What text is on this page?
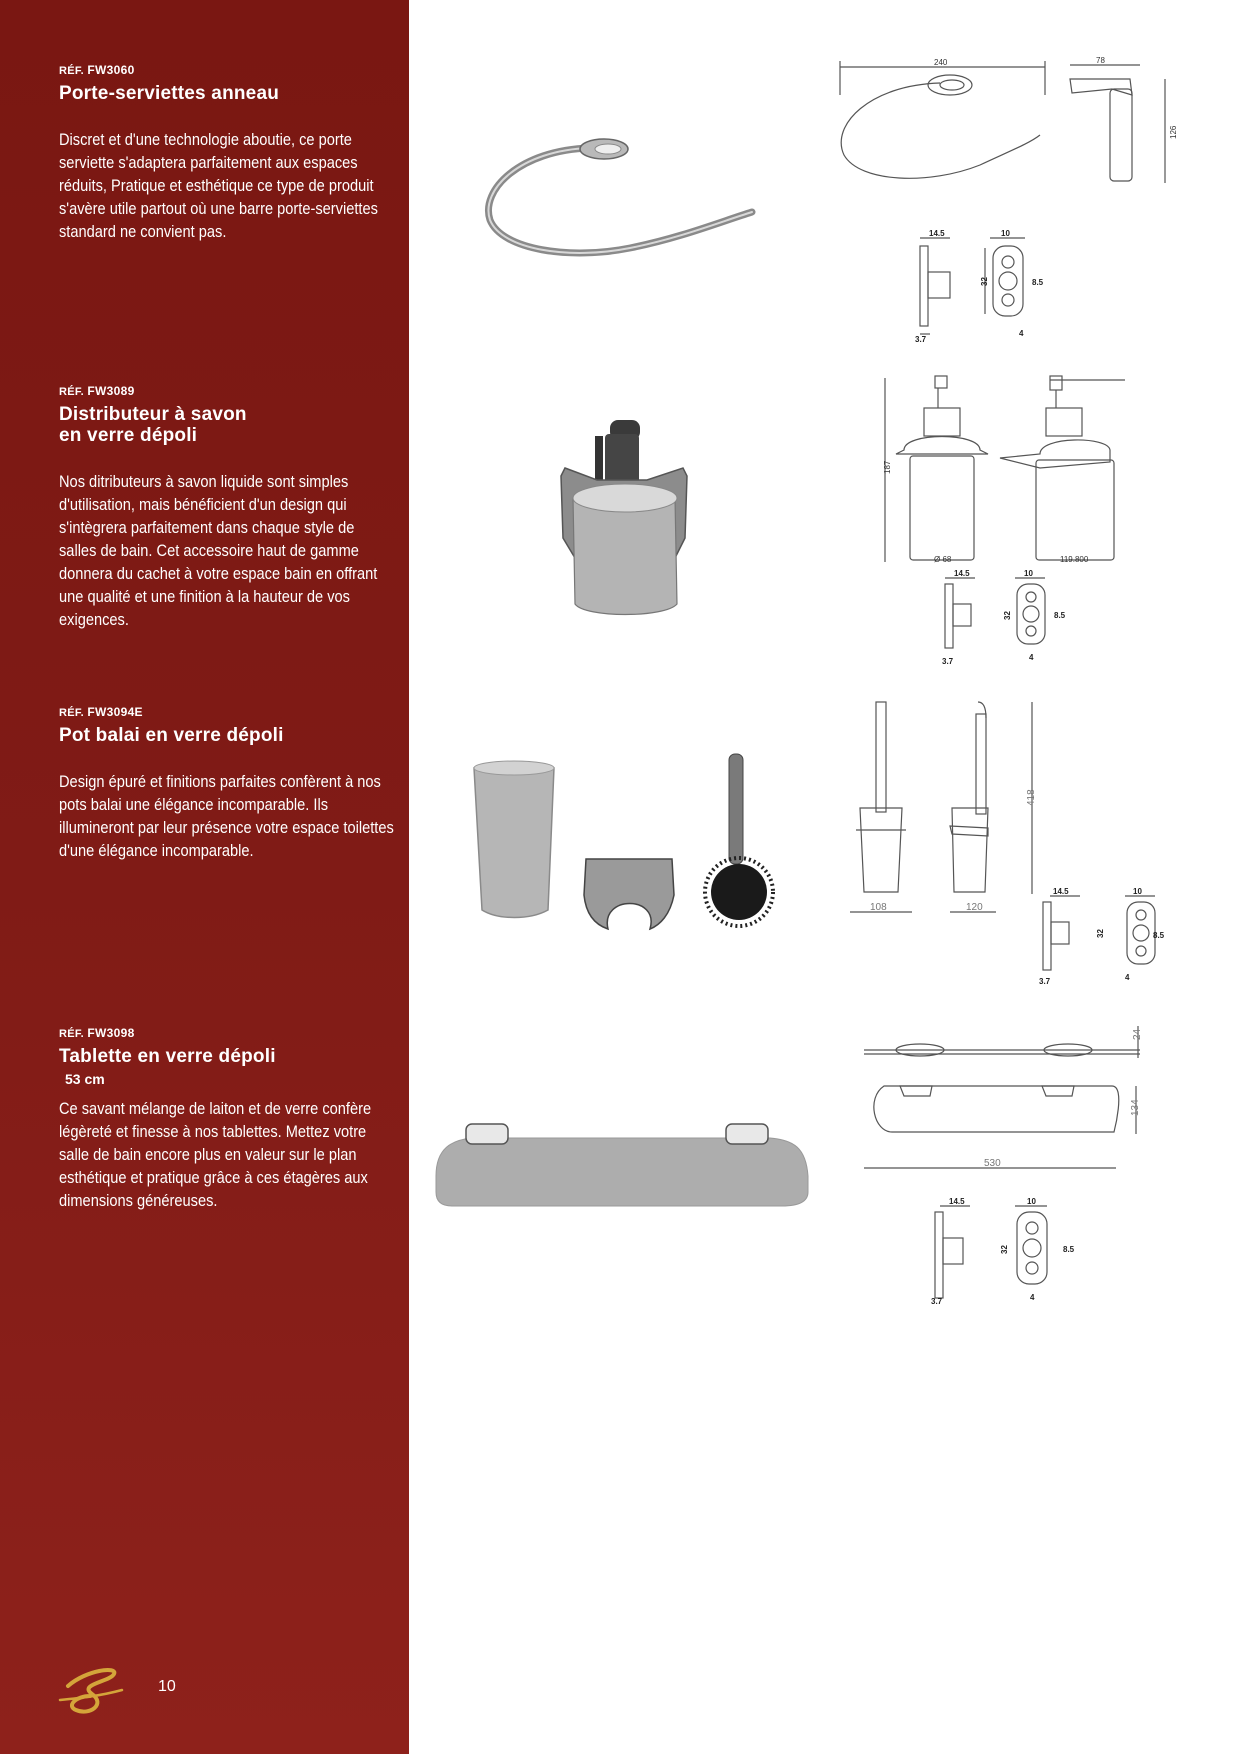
RÉF. FW3060
Porte-serviettes anneau
Discret et d'une technologie aboutie, ce porte serviette s'adaptera parfaitement aux espaces réduits, Pratique et esthétique ce type de produit s'avère utile partout où une barre porte-serviettes standard ne convient pas.
RÉF. FW3089
Distributeur à savon
en verre dépoli
Nos ditributeurs à savon liquide sont simples d'utilisation, mais bénéficient d'un design qui s'intègrera parfaitement dans chaque style de salles de bain. Cet accessoire haut de gamme donnera du cachet à votre espace bain en offrant une qualité et une finition à la hauteur de vos exigences.
RÉF. FW3094E
Pot balai en verre dépoli
Design épuré et finitions parfaites confèrent à nos pots balai une élégance incomparable. Ils illumineront par leur présence votre espace toilettes d'une élégance incomparable.
RÉF. FW3098
Tablette en verre dépoli
53 cm
Ce savant mélange de laiton et de verre confère légèreté et finesse à nos tablettes. Mettez votre salle de bain encore plus en valeur sur le plan esthétique et pratique grâce à ces étagères aux dimensions généreuses.
10
240	78
126
14.5
3.7
10
32	8.5
4
187
Ø 68	119.800
14.5
3.7
10
32	8.5
4
108	120
418
14.5
3.7
10
32	8.5
4
24
134
530
14.5
3.7
10
32	8.5
4
